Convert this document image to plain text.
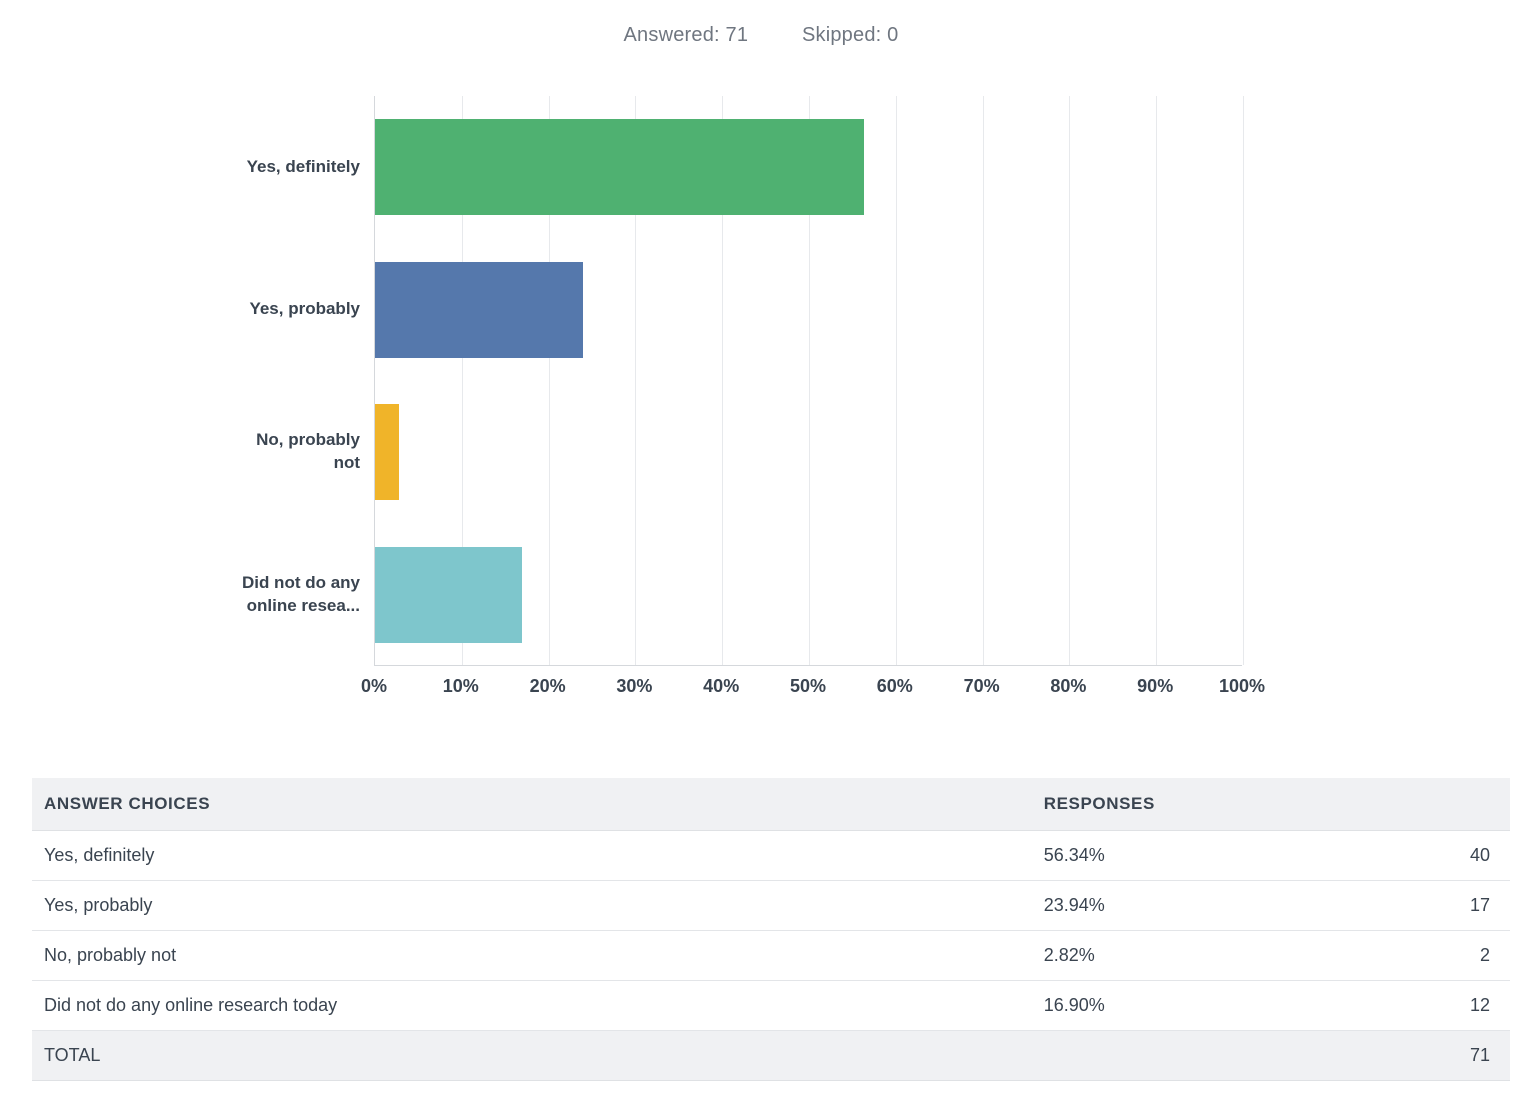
Answered: 71	Skipped: 0
0%	10%	20%	30%	40%	50%	60%	70%	80%	90%	100%
Yes, definitely
Yes, probably
No, probably
not
Did not do any
online resea...
ANSWER CHOICES	RESPONSES	
Yes, definitely	56.34%	40
Yes, probably	23.94%	17
No, probably not	2.82%	2
Did not do any online research today	16.90%	12
TOTAL		71
